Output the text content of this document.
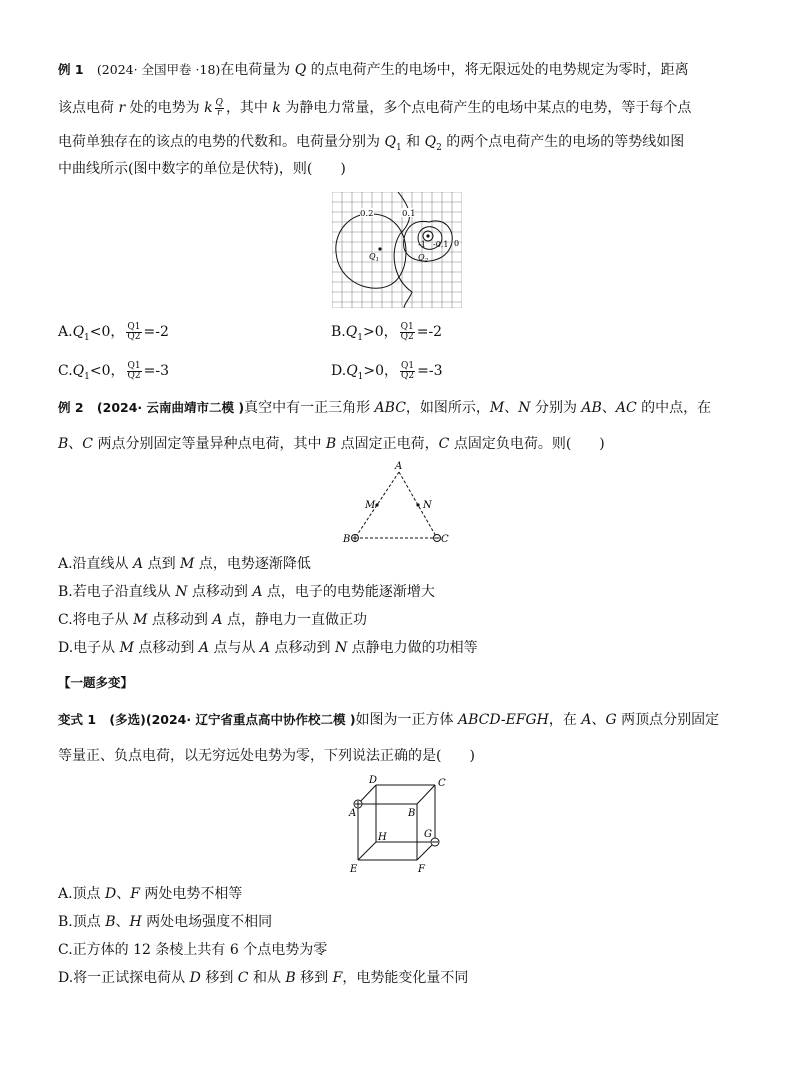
例 1 (2024· 全国甲卷 ·18)在电荷量为 Q 的点电荷产生的电场中，将无限远处的电势规定为零时，距离
该点电荷 r 处的电势为 k $\frac{Q}{r}$ ，其中 k 为静电力常量，多个点电荷产生的电场中某点的电势，等于每个点
电荷单独存在的该点的电势的代数和。电荷量分别为 $Q_1$ 和 $Q_2$ 的两个点电荷产生的电场的等势线如图
中曲线所示(图中数字的单位是伏特)，则(　　)
0.2	0.1
-1	0
-0.1
$Q_1$	$Q_2$
$A.Q_1<0$， $\frac{Q1}{Q2} =-2$	$B.Q_1>0$， $\frac{Q1}{Q2} =-2$
$C.Q_1<0$， $\frac{Q1}{Q2} =-3$	$D.Q_1>0$， $\frac{Q1}{Q2} =-3$
例 2 (2024· 云南曲靖市二模 )真空中有一正三角形 ABC，如图所示，M、N 分别为 AB、AC 的中点，在
B、C 两点分别固定等量异种点电荷，其中 B 点固定正电荷，C 点固定负电荷。则(　　)
A
B	C
M	N
A.沿直线从 A 点到 M 点，电势逐渐降低
B.若电子沿直线从 N 点移动到 A 点，电子的电势能逐渐增大
C.将电子从 M 点移动到 A 点，静电力一直做正功
D.电子从 M 点移动到 A 点与从 A 点移动到 N 点静电力做的功相等
【一题多变】
变式 1 (多选)(2024· 辽宁省重点高中协作校二模 )如图为一正方体 ABCD-EFGH，在 A、G 两顶点分别固定
等量正、负点电荷，以无穷远处电势为零，下列说法正确的是(　　)
A	B
C
D
E	F
G
H
A.顶点 D、F 两处电势不相等
B.顶点 B、H 两处电场强度不相同
C.正方体的 12 条棱上共有 6 个点电势为零
D.将一正试探电荷从 D 移到 C 和从 B 移到 F，电势能变化量不同
